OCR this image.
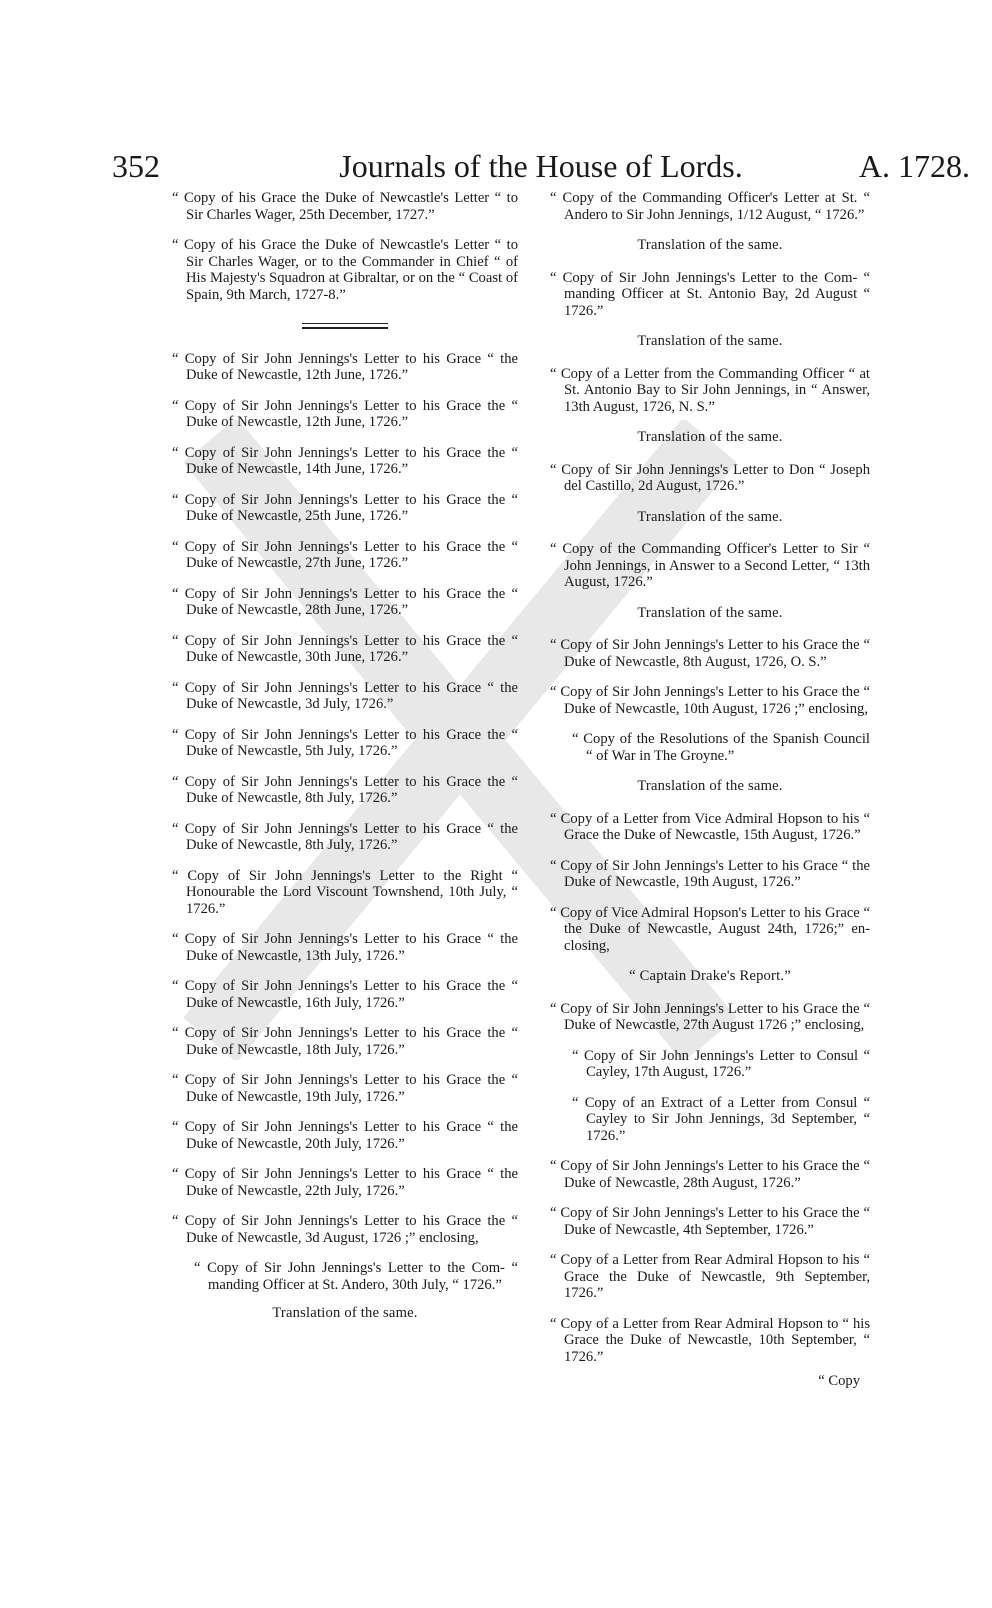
352	Journals of the House of Lords.	A. 1728.

“ Copy of his Grace the Duke of Newcastle's Letter “ to Sir Charles Wager, 25th December, 1727.”

“ Copy of his Grace the Duke of Newcastle's Letter “ to Sir Charles Wager, or to the Commander in Chief “ of His Majesty's Squadron at Gibraltar, or on the “ Coast of Spain, 9th March, 1727-8.”

“ Copy of Sir John Jennings's Letter to his Grace “ the Duke of Newcastle, 12th June, 1726.”

“ Copy of Sir John Jennings's Letter to his Grace the “ Duke of Newcastle, 12th June, 1726.”

“ Copy of Sir John Jennings's Letter to his Grace the “ Duke of Newcastle, 14th June, 1726.”

“ Copy of Sir John Jennings's Letter to his Grace the “ Duke of Newcastle, 25th June, 1726.”

“ Copy of Sir John Jennings's Letter to his Grace the “ Duke of Newcastle, 27th June, 1726.”

“ Copy of Sir John Jennings's Letter to his Grace the “ Duke of Newcastle, 28th June, 1726.”

“ Copy of Sir John Jennings's Letter to his Grace the “ Duke of Newcastle, 30th June, 1726.”

“ Copy of Sir John Jennings's Letter to his Grace “ the Duke of Newcastle, 3d July, 1726.”

“ Copy of Sir John Jennings's Letter to his Grace the “ Duke of Newcastle, 5th July, 1726.”

“ Copy of Sir John Jennings's Letter to his Grace the “ Duke of Newcastle, 8th July, 1726.”

“ Copy of Sir John Jennings's Letter to his Grace “ the Duke of Newcastle, 8th July, 1726.”

“ Copy of Sir John Jennings's Letter to the Right “ Honourable the Lord Viscount Townshend, 10th July, “ 1726.”

“ Copy of Sir John Jennings's Letter to his Grace “ the Duke of Newcastle, 13th July, 1726.”

“ Copy of Sir John Jennings's Letter to his Grace the “ Duke of Newcastle, 16th July, 1726.”

“ Copy of Sir John Jennings's Letter to his Grace the “ Duke of Newcastle, 18th July, 1726.”

“ Copy of Sir John Jennings's Letter to his Grace the “ Duke of Newcastle, 19th July, 1726.”

“ Copy of Sir John Jennings's Letter to his Grace “ the Duke of Newcastle, 20th July, 1726.”

“ Copy of Sir John Jennings's Letter to his Grace “ the Duke of Newcastle, 22th July, 1726.”

“ Copy of Sir John Jennings's Letter to his Grace the “ Duke of Newcastle, 3d August, 1726 ;” enclosing,

“ Copy of Sir John Jennings's Letter to the Com- “ manding Officer at St. Andero, 30th July, “ 1726.”

Translation of the same.

“ Copy of the Commanding Officer's Letter at St. “ Andero to Sir John Jennings, 1/12 August, “ 1726.”

Translation of the same.

“ Copy of Sir John Jennings's Letter to the Com- “ manding Officer at St. Antonio Bay, 2d August “ 1726.”

Translation of the same.

“ Copy of a Letter from the Commanding Officer “ at St. Antonio Bay to Sir John Jennings, in “ Answer, 13th August, 1726, N. S.”

Translation of the same.

“ Copy of Sir John Jennings's Letter to Don “ Joseph del Castillo, 2d August, 1726.”

Translation of the same.

“ Copy of the Commanding Officer's Letter to Sir “ John Jennings, in Answer to a Second Letter, “ 13th August, 1726.”

Translation of the same.

“ Copy of Sir John Jennings's Letter to his Grace the “ Duke of Newcastle, 8th August, 1726, O. S.”

“ Copy of Sir John Jennings's Letter to his Grace the “ Duke of Newcastle, 10th August, 1726 ;” enclosing,

“ Copy of the Resolutions of the Spanish Council “ of War in The Groyne.”

Translation of the same.

“ Copy of a Letter from Vice Admiral Hopson to his “ Grace the Duke of Newcastle, 15th August, 1726.”

“ Copy of Sir John Jennings's Letter to his Grace “ the Duke of Newcastle, 19th August, 1726.”

“ Copy of Vice Admiral Hopson's Letter to his Grace “ the Duke of Newcastle, August 24th, 1726;” en- closing,

“ Captain Drake's Report.”

“ Copy of Sir John Jennings's Letter to his Grace the “ Duke of Newcastle, 27th August 1726 ;” enclosing,

“ Copy of Sir John Jennings's Letter to Consul “ Cayley, 17th August, 1726.”

“ Copy of an Extract of a Letter from Consul “ Cayley to Sir John Jennings, 3d September, “ 1726.”

“ Copy of Sir John Jennings's Letter to his Grace the “ Duke of Newcastle, 28th August, 1726.”

“ Copy of Sir John Jennings's Letter to his Grace the “ Duke of Newcastle, 4th September, 1726.”

“ Copy of a Letter from Rear Admiral Hopson to his “ Grace the Duke of Newcastle, 9th September, 1726.”

“ Copy of a Letter from Rear Admiral Hopson to “ his Grace the Duke of Newcastle, 10th September, “ 1726.”

“ Copy
